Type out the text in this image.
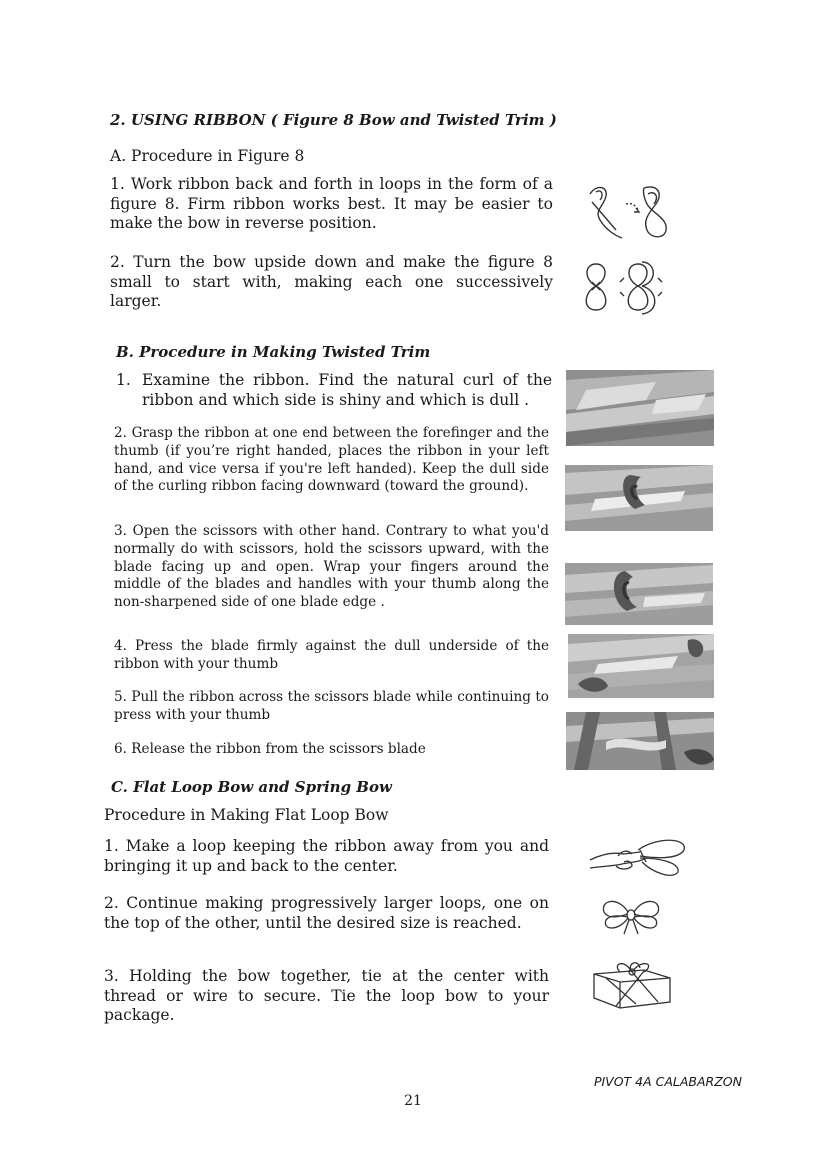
2. USING RIBBON ( Figure 8 Bow and Twisted Trim )
A. Procedure in Figure 8
1. Work ribbon back and forth in loops in the form of a figure 8. Firm ribbon works best. It may be easier to make the bow in reverse position.
2. Turn the bow upside down and make the figure 8 small to start with, making each one successively larger.
B. Procedure in Making Twisted Trim
1. Examine the ribbon. Find the natural curl of the ribbon and which side is shiny and which is dull .
2. Grasp the ribbon at one end between the forefinger and the thumb (if you’re right handed, places the ribbon in your left hand, and vice versa if you're left handed). Keep the dull side of the curling ribbon facing downward (toward the ground).
3. Open the scissors with other hand. Contrary to what you'd normally do with scissors, hold the scissors upward, with the blade facing up and open. Wrap your fingers around the middle of the blades and handles with your thumb along the non-sharpened side of one blade edge .
4. Press the blade firmly against the dull underside of the ribbon with your thumb
5. Pull the ribbon across the scissors blade while continuing to press with your thumb
6. Release the ribbon from the scissors blade
C. Flat Loop Bow and Spring Bow
Procedure in Making Flat Loop Bow
1. Make a loop keeping the ribbon away from you and bringing it up and back to the center.
2. Continue making progressively larger loops, one on the top of the other, until the desired size is reached.
3. Holding the bow together, tie at the center with thread or wire to secure. Tie the loop bow to your package.
PIVOT 4A CALABARZON
21
